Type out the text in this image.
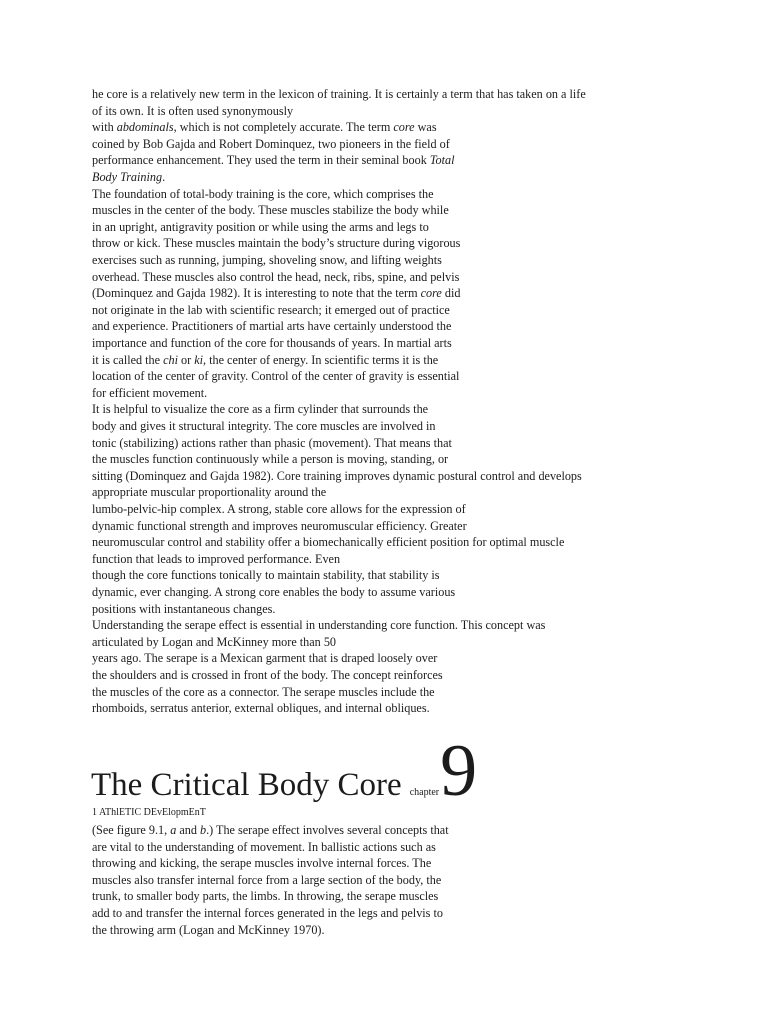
he core is a relatively new term in the lexicon of training. It is certainly a term that has taken on a life
of its own. It is often used synonymously
with abdominals, which is not completely accurate. The term core was
coined by Bob Gajda and Robert Dominquez, two pioneers in the field of
performance enhancement. They used the term in their seminal book Total
Body Training.
The foundation of total-body training is the core, which comprises the
muscles in the center of the body. These muscles stabilize the body while
in an upright, antigravity position or while using the arms and legs to
throw or kick. These muscles maintain the body’s structure during vigorous
exercises such as running, jumping, shoveling snow, and lifting weights
overhead. These muscles also control the head, neck, ribs, spine, and pelvis
(Dominquez and Gajda 1982). It is interesting to note that the term core did
not originate in the lab with scientific research; it emerged out of practice
and experience. Practitioners of martial arts have certainly understood the
importance and function of the core for thousands of years. In martial arts
it is called the chi or ki, the center of energy. In scientific terms it is the
location of the center of gravity. Control of the center of gravity is essential
for efficient movement.
It is helpful to visualize the core as a firm cylinder that surrounds the
body and gives it structural integrity. The core muscles are involved in
tonic (stabilizing) actions rather than phasic (movement). That means that
the muscles function continuously while a person is moving, standing, or
sitting (Dominquez and Gajda 1982). Core training improves dynamic postural control and develops
appropriate muscular proportionality around the
lumbo-pelvic-hip complex. A strong, stable core allows for the expression of
dynamic functional strength and improves neuromuscular efficiency. Greater
neuromuscular control and stability offer a biomechanically efficient position for optimal muscle
function that leads to improved performance. Even
though the core functions tonically to maintain stability, that stability is
dynamic, ever changing. A strong core enables the body to assume various
positions with instantaneous changes.
Understanding the serape effect is essential in understanding core function. This concept was
articulated by Logan and McKinney more than 50
years ago. The serape is a Mexican garment that is draped loosely over
the shoulders and is crossed in front of the body. The concept reinforces
the muscles of the core as a connector. The serape muscles include the
rhomboids, serratus anterior, external obliques, and internal obliques.
The Critical Body Core chapter9
1 AThlETIC DEvElopmEnT
(See figure 9.1, a and b.) The serape effect involves several concepts that
are vital to the understanding of movement. In ballistic actions such as
throwing and kicking, the serape muscles involve internal forces. The
muscles also transfer internal force from a large section of the body, the
trunk, to smaller body parts, the limbs. In throwing, the serape muscles
add to and transfer the internal forces generated in the legs and pelvis to
the throwing arm (Logan and McKinney 1970).
